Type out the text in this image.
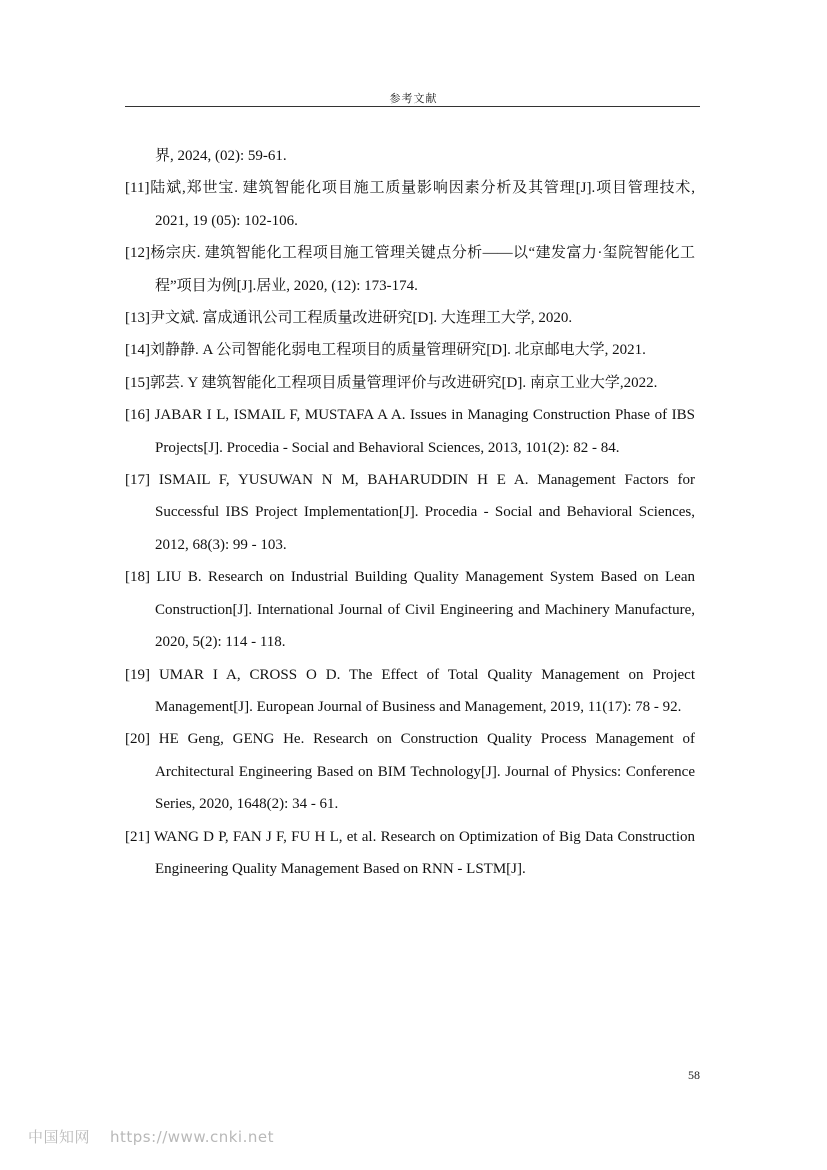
参考文献

界, 2024, (02): 59-61.

[11]陆斌,郑世宝. 建筑智能化项目施工质量影响因素分析及其管理[J].项目管理技术, 2021, 19 (05): 102-106.

[12]杨宗庆. 建筑智能化工程项目施工管理关键点分析——以“建发富力·玺院智能化工程”项目为例[J].居业, 2020, (12): 173-174.

[13]尹文斌. 富成通讯公司工程质量改进研究[D]. 大连理工大学, 2020.

[14]刘静静. A 公司智能化弱电工程项目的质量管理研究[D]. 北京邮电大学, 2021.

[15]郭芸. Y 建筑智能化工程项目质量管理评价与改进研究[D]. 南京工业大学,2022.

[16] JABAR I L, ISMAIL F, MUSTAFA A A. Issues in Managing Construction Phase of IBS Projects[J]. Procedia - Social and Behavioral Sciences, 2013, 101(2): 82 - 84.

[17] ISMAIL F, YUSUWAN N M, BAHARUDDIN H E A. Management Factors for Successful IBS Project Implementation[J]. Procedia - Social and Behavioral Sciences, 2012, 68(3): 99 - 103.

[18] LIU B. Research on Industrial Building Quality Management System Based on Lean Construction[J]. International Journal of Civil Engineering and Machinery Manufacture, 2020, 5(2): 114 - 118.

[19] UMAR I A, CROSS O D. The Effect of Total Quality Management on Project Management[J]. European Journal of Business and Management, 2019, 11(17): 78 - 92.

[20] HE Geng, GENG He. Research on Construction Quality Process Management of Architectural Engineering Based on BIM Technology[J]. Journal of Physics: Conference Series, 2020, 1648(2): 34 - 61.

[21] WANG D P, FAN J F, FU H L, et al. Research on Optimization of Big Data Construction Engineering Quality Management Based on RNN - LSTM[J].

58
中国知网 https://www.cnki.net
